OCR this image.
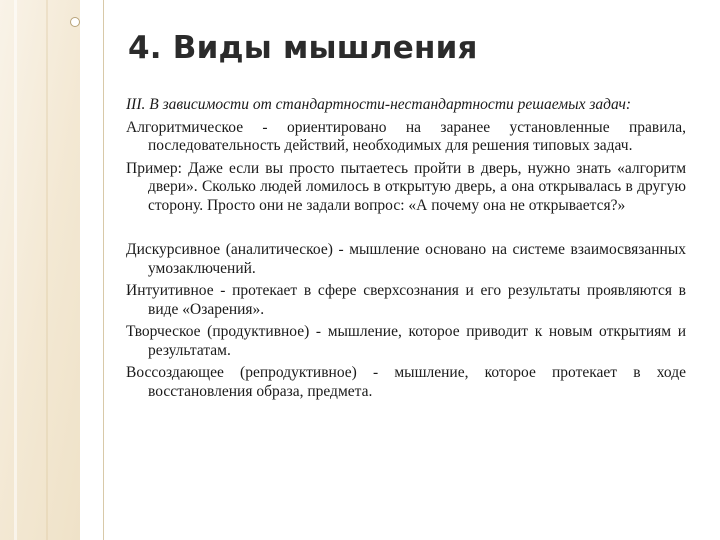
4. Виды мышления

III. В зависимости от стандартности-нестандартности решаемых задач:

Алгоритмическое - ориентировано на заранее установленные правила, последовательность действий, необходимых для решения типовых задач.

Пример: Даже если вы просто пытаетесь пройти в дверь, нужно знать «алгоритм двери». Сколько людей ломилось в открытую дверь, а она открывалась в другую сторону. Просто они не задали вопрос: «А почему она не открывается?»

Дискурсивное (аналитическое) - мышление основано на системе взаимосвязанных умозаключений.

Интуитивное - протекает в сфере сверхсознания и его результаты проявляются в виде «Озарения».

Творческое (продуктивное) - мышление, которое приводит к новым открытиям и результатам.

Воссоздающее (репродуктивное) - мышление, которое протекает в ходе восстановления образа, предмета.
